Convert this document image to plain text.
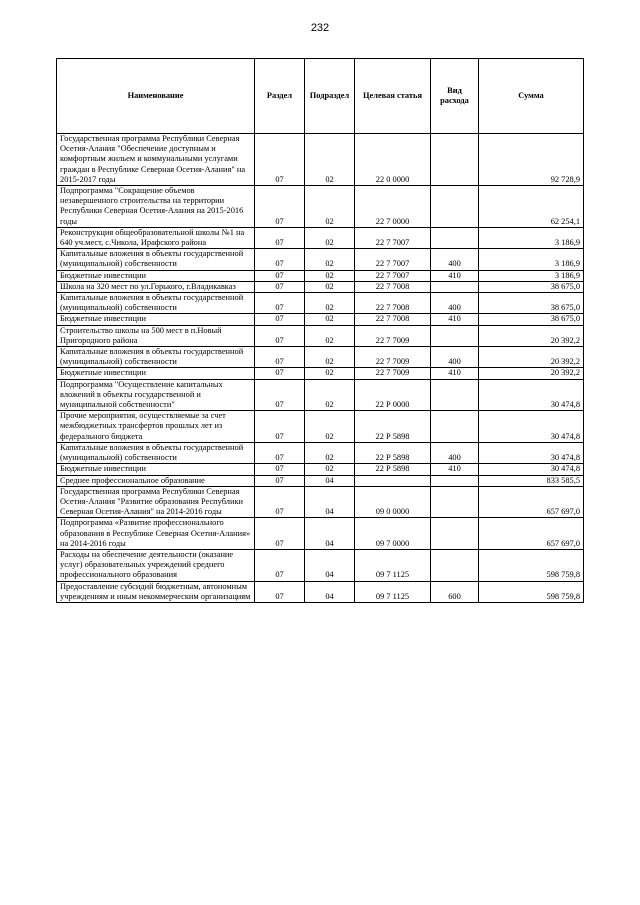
232
Наименование	Раздел	Подраздел	Целевая статья	Вид расхода	Сумма
Государственная программа Республики Северная Осетия-Алания "Обеспечение доступным и комфортным жильем и коммунальными услугами граждан в Республике Северная Осетия-Алания" на 2015-2017 годы	07	02	22 0 0000		92 728,9
Подпрограмма "Сокращение объемов незавершенного строительства на территории Республики Северная Осетия-Алания на 2015-2016 годы	07	02	22 7 0000		62 254,1
Реконструкция общеобразовательной школы №1 на 640 уч.мест, с.Чикола, Ирафского района	07	02	22 7 7007		3 186,9
Капитальные вложения в объекты государственной (муниципальной) собственности	07	02	22 7 7007	400	3 186,9
Бюджетные инвестиции	07	02	22 7 7007	410	3 186,9
Школа на 320 мест по ул.Горького, г.Владикавказ	07	02	22 7 7008		38 675,0
Капитальные вложения в объекты государственной (муниципальной) собственности	07	02	22 7 7008	400	38 675,0
Бюджетные инвестиции	07	02	22 7 7008	410	38 675,0
Строительство школы на 500 мест в п.Новый Пригородного района	07	02	22 7 7009		20 392,2
Капитальные вложения в объекты государственной (муниципальной) собственности	07	02	22 7 7009	400	20 392,2
Бюджетные инвестиции	07	02	22 7 7009	410	20 392,2
Подпрограмма "Осуществление капитальных вложений в объекты государственной и муниципальной собственности"	07	02	22 Р 0000		30 474,8
Прочие мероприятия, осуществляемые за счет межбюджетных трансфертов прошлых лет из федерального бюджета	07	02	22 Р 5898		30 474,8
Капитальные вложения в объекты государственной (муниципальной) собственности	07	02	22 Р 5898	400	30 474,8
Бюджетные инвестиции	07	02	22 Р 5898	410	30 474,8
Среднее профессиональное образование	07	04			833 585,5
Государственная программа Республики Северная Осетия-Алания "Развитие образования Республики Северная Осетия-Алания" на 2014-2016 годы	07	04	09 0 0000		657 697,0
Подпрограмма «Развитие профессионального образования в Республике Северная Осетия-Алания» на 2014-2016 годы	07	04	09 7 0000		657 697,0
Расходы на обеспечение деятельности (оказание услуг) образовательных учреждений среднего профессионального образования	07	04	09 7 1125		598 759,8
Предоставление субсидий бюджетным, автономным учреждениям и иным некоммерческим организациям	07	04	09 7 1125	600	598 759,8
